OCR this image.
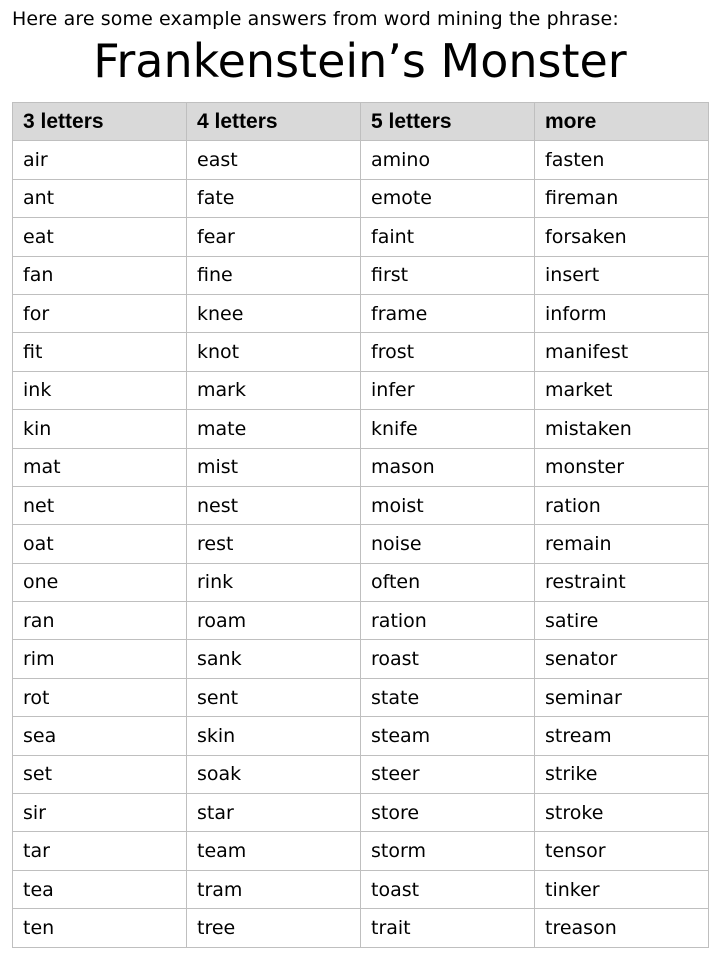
Here are some example answers from word mining the phrase:
Frankenstein’s Monster
3 letters	4 letters	5 letters	more
air	east	amino	fasten
ant	fate	emote	fireman
eat	fear	faint	forsaken
fan	fine	first	insert
for	knee	frame	inform
fit	knot	frost	manifest
ink	mark	infer	market
kin	mate	knife	mistaken
mat	mist	mason	monster
net	nest	moist	ration
oat	rest	noise	remain
one	rink	often	restraint
ran	roam	ration	satire
rim	sank	roast	senator
rot	sent	state	seminar
sea	skin	steam	stream
set	soak	steer	strike
sir	star	store	stroke
tar	team	storm	tensor
tea	tram	toast	tinker
ten	tree	trait	treason
